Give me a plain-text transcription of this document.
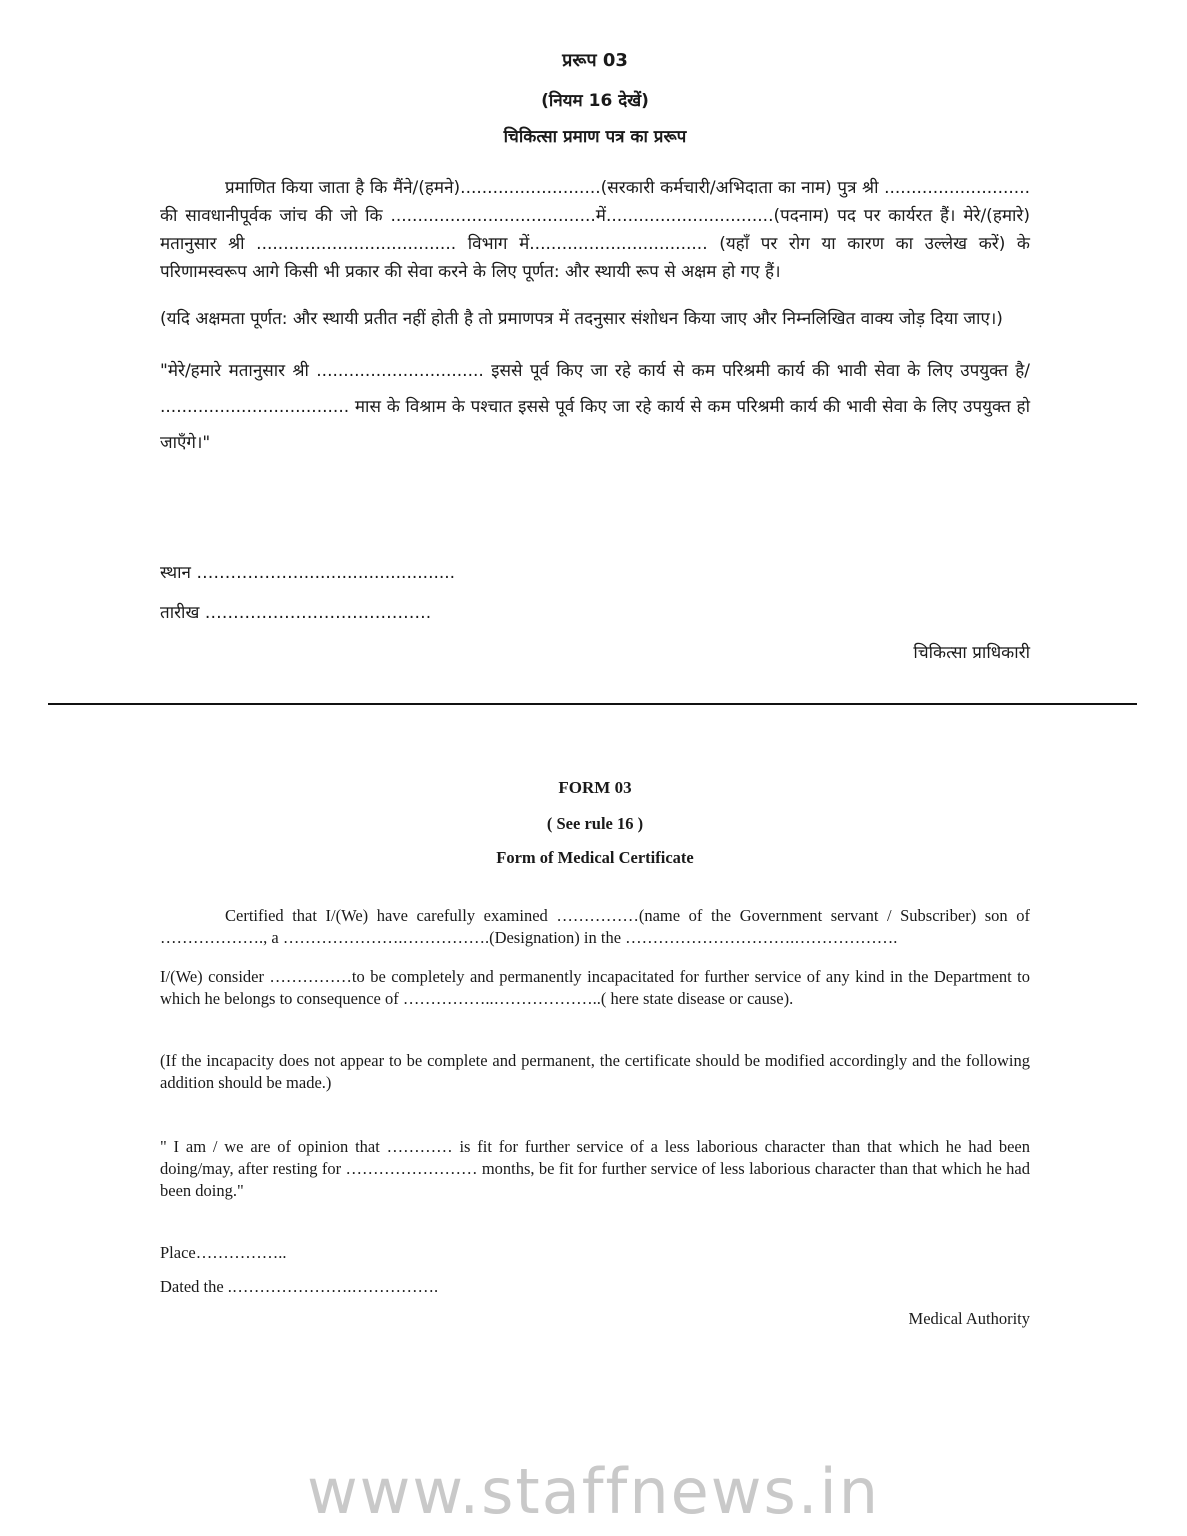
प्ररूप 03
(नियम 16 देखें)
चिकित्सा प्रमाण पत्र का प्ररूप

प्रमाणित किया जाता है कि मैंने/(हमने)..........................(सरकारी कर्मचारी/अभिदाता का नाम) पुत्र श्री ........................... की सावधानीपूर्वक जांच की जो कि ......................................में...............................(पदनाम) पद पर कार्यरत हैं। मेरे/(हमारे) मतानुसार श्री ..................................... विभाग में................................. (यहाँ पर रोग या कारण का उल्लेख करें) के परिणामस्वरूप आगे किसी भी प्रकार की सेवा करने के लिए पूर्णत: और स्थायी रूप से अक्षम हो गए हैं।

(यदि अक्षमता पूर्णत: और स्थायी प्रतीत नहीं होती है तो प्रमाणपत्र में तदनुसार संशोधन किया जाए और निम्नलिखित वाक्य जोड़ दिया जाए।)

"मेरे/हमारे मतानुसार श्री ............................... इससे पूर्व किए जा रहे कार्य से कम परिश्रमी कार्य की भावी सेवा के लिए उपयुक्त है/ ................................... मास के विश्राम के पश्चात इससे पूर्व किए जा रहे कार्य से कम परिश्रमी कार्य की भावी सेवा के लिए उपयुक्त हो जाएँगे।"

स्थान ……………….............................
तारीख ………………………………….
चिकित्सा प्राधिकारी
FORM 03
( See rule 16 )
Form of Medical Certificate

Certified that I/(We) have carefully examined ……………(name of the Government servant / Subscriber) son of ………………., a ………………….…………….(Designation) in the ………………………….……………….

I/(We) consider ……………to be completely and permanently incapacitated for further service of any kind in the Department to which he belongs to consequence of ……………..………………..( here state disease or cause).

(If the incapacity does not appear to be complete and permanent, the certificate should be modified accordingly and the following addition should be made.)

" I am / we are of opinion that ………… is fit for further service of a less laborious character than that which he had been doing/may, after resting for …………………… months, be fit for further service of less laborious character than that which he had been doing."

Place……………..
Dated the .………………….…………….
Medical Authority
www.staffnews.in
